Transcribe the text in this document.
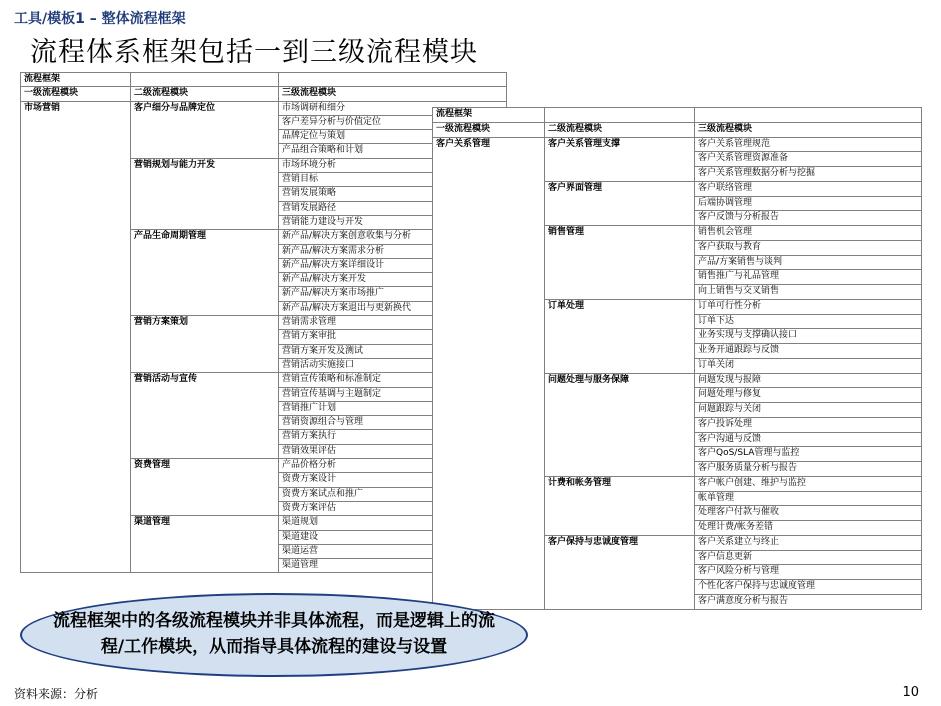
工具/模板1 – 整体流程框架
流程体系框架包括一到三级流程模块
流程框架		
一级流程模块	二级流程模块	三级流程模块
市场营销	客户细分与品牌定位	市场调研和细分
		客户差异分析与价值定位
		品牌定位与策划
		产品组合策略和计划
	营销规划与能力开发	市场环境分析
		营销目标
		营销发展策略
		营销发展路径
		营销能力建设与开发
	产品生命周期管理	新产品/解决方案创意收集与分析
		新产品/解决方案需求分析
		新产品/解决方案详细设计
		新产品/解决方案开发
		新产品/解决方案市场推广
		新产品/解决方案退出与更新换代
	营销方案策划	营销需求管理
		营销方案审批
		营销方案开发及测试
		营销活动实施接口
	营销活动与宣传	营销宣传策略和标准制定
		营销宣传基调与主题制定
		营销推广计划
		营销资源组合与管理
		营销方案执行
		营销效果评估
	资费管理	产品价格分析
		资费方案设计
		资费方案试点和推广
		资费方案评估
	渠道管理	渠道规划
		渠道建设
		渠道运营
		渠道管理
流程框架		
一级流程模块	二级流程模块	三级流程模块
客户关系管理	客户关系管理支撑	客户关系管理规范
		客户关系管理资源准备
		客户关系管理数据分析与挖掘
	客户界面管理	客户联络管理
		后端协调管理
		客户反馈与分析报告
	销售管理	销售机会管理
		客户获取与教育
		产品/方案销售与谈判
		销售推广与礼品管理
		向上销售与交叉销售
	订单处理	订单可行性分析
		订单下达
		业务实现与支撑确认接口
		业务开通跟踪与反馈
		订单关闭
	问题处理与服务保障	问题发现与报障
		问题处理与修复
		问题跟踪与关闭
		客户投诉处理
		客户沟通与反馈
		客户QoS/SLA管理与监控
		客户服务质量分析与报告
	计费和帐务管理	客户帐户创建、维护与监控
		帐单管理
		处理客户付款与催收
		处理计费/帐务差错
	客户保持与忠诚度管理	客户关系建立与终止
		客户信息更新
		客户风险分析与管理
		个性化客户保持与忠诚度管理
		客户满意度分析与报告
流程框架中的各级流程模块并非具体流程，而是逻辑上的流程/工作模块，从而指导具体流程的建设与设置
资料来源：分析	10
